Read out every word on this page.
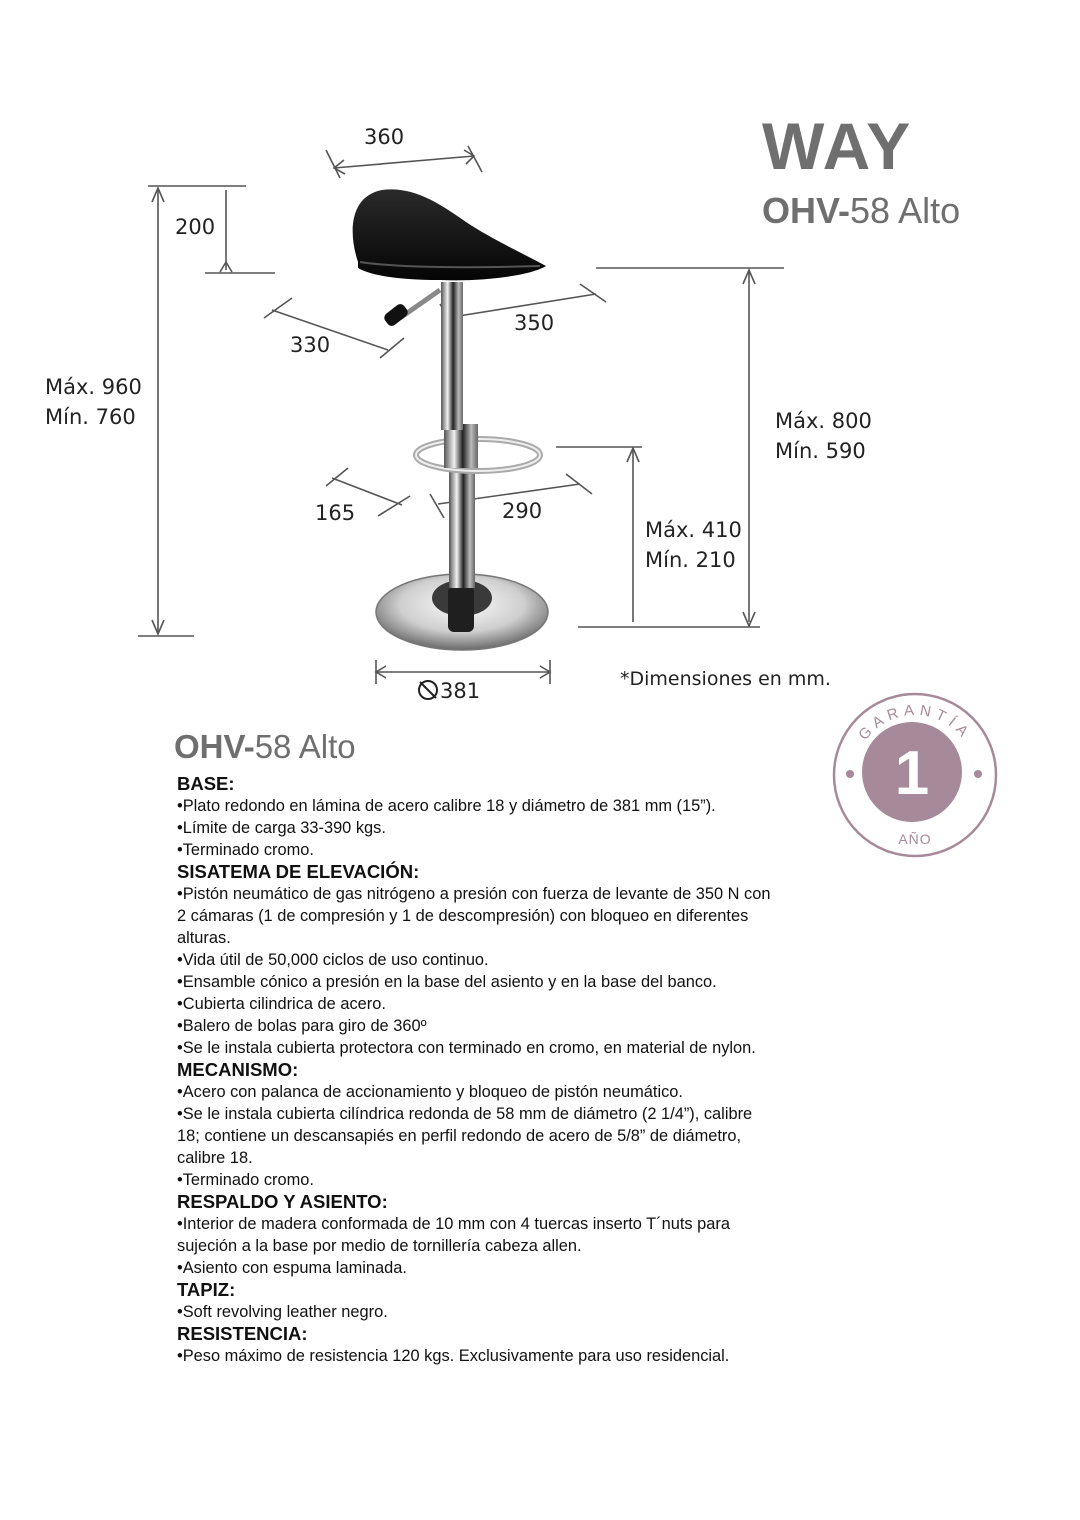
WAY
OHV-58 Alto
360
200
330
350
Máx. 960
Mín. 760	Máx. 800
Mín. 590
165	290
Máx. 410
Mín. 210
381	*Dimensiones en mm.
GARANTÍA
1
AÑO
OHV-58 Alto
BASE:

•Plato redondo en lámina de acero calibre 18 y diámetro de 381 mm (15”).

•Límite de carga 33-390 kgs.

•Terminado cromo.

SISATEMA DE ELEVACIÓN:

•Pistón neumático de gas nitrógeno a presión con fuerza de levante de 350 N con 2 cámaras (1 de compresión y 1 de descompresión) con bloqueo en diferentes alturas.

•Vida útil de 50,000 ciclos de uso continuo.

•Ensamble cónico a presión en la base del asiento y en la base del banco.

•Cubierta cilindrica de acero.

•Balero de bolas para giro de 360º

•Se le instala cubierta protectora con terminado en cromo, en material de nylon.

MECANISMO:

•Acero con palanca de accionamiento y bloqueo de pistón neumático.

•Se le instala cubierta cilíndrica redonda de 58 mm de diámetro (2 1/4”), calibre 18; contiene un descansapiés en perfil redondo de acero de 5/8” de diámetro, calibre 18.

•Terminado cromo.

RESPALDO Y ASIENTO:

•Interior de madera conformada de 10 mm con 4 tuercas inserto T´nuts para sujeción a la base por medio de tornillería cabeza allen.

•Asiento con espuma laminada.

TAPIZ:

•Soft revolving leather negro.

RESISTENCIA:

•Peso máximo de resistencia 120 kgs. Exclusivamente para uso residencial.
